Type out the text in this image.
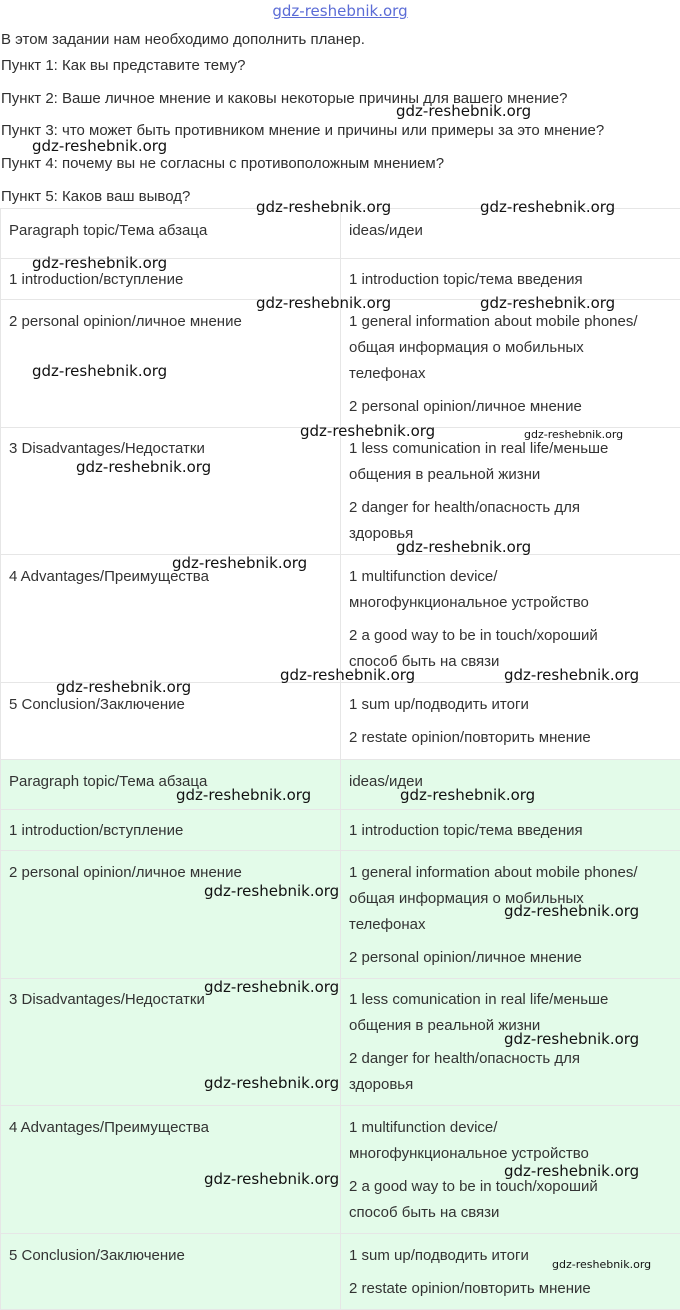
gdz-reshebnik.org

В этом задании нам необходимо дополнить планер.

Пункт 1: Как вы представите тему?

Пункт 2: Ваше личное мнение и каковы некоторые причины для вашего мнение?

Пункт 3: что может быть противником мнение и причины или примеры за это мнение?

Пункт 4: почему вы не согласны с противоположным мнением?

Пункт 5: Каков ваш вывод?

Paragraph topic/Тема абзаца	ideas/идеи

1 introduction/вступление	1 introduction topic/тема введения

2 personal opinion/личное мнение	1 general information about mobile phones/
общая информация о мобильных
телефонах
2 personal opinion/личное мнение

3 Disadvantages/Недостатки	1 less comunication in real life/меньше
общения в реальной жизни
2 danger for health/опасность для
здоровья

4 Advantages/Преимущества	1 multifunction device/
многофункциональное устройство
2 a good way to be in touch/хороший
способ быть на связи

5 Conclusion/Заключение	1 sum up/подводить итоги
2 restate opinion/повторить мнение
Paragraph topic/Тема абзаца	ideas/идеи

1 introduction/вступление	1 introduction topic/тема введения

2 personal opinion/личное мнение	1 general information about mobile phones/
общая информация о мобильных
телефонах
2 personal opinion/личное мнение

3 Disadvantages/Недостатки	1 less comunication in real life/меньше
общения в реальной жизни
2 danger for health/опасность для
здоровья

4 Advantages/Преимущества	1 multifunction device/
многофункциональное устройство
2 a good way to be in touch/хороший
способ быть на связи

5 Conclusion/Заключение	1 sum up/подводить итоги
2 restate opinion/повторить мнение
gdz-reshebnik.org
gdz-reshebnik.org
gdz-reshebnik.org	gdz-reshebnik.org
gdz-reshebnik.org
gdz-reshebnik.org	gdz-reshebnik.org
gdz-reshebnik.org
gdz-reshebnik.org	gdz-reshebnik.org
gdz-reshebnik.org
gdz-reshebnik.org
gdz-reshebnik.org
gdz-reshebnik.org	gdz-reshebnik.org
gdz-reshebnik.org
gdz-reshebnik.org	gdz-reshebnik.org
gdz-reshebnik.org
gdz-reshebnik.org
gdz-reshebnik.org
gdz-reshebnik.org
gdz-reshebnik.org
gdz-reshebnik.org
gdz-reshebnik.org
gdz-reshebnik.org
